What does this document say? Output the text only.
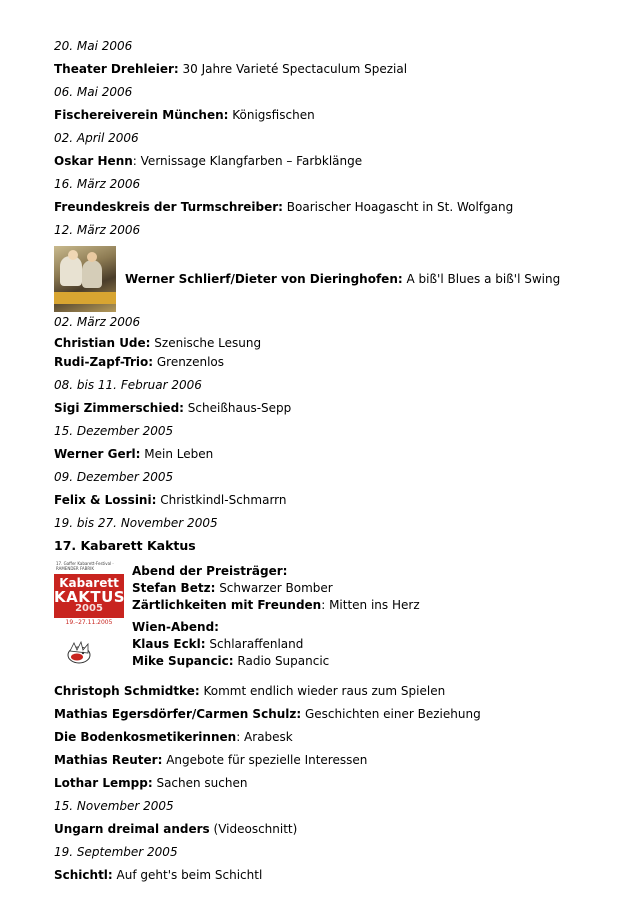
20. Mai 2006
Theater Drehleier: 30 Jahre Varieté Spectaculum Spezial
06. Mai 2006
Fischereiverein München: Königsfischen
02. April 2006
Oskar Henn: Vernissage Klangfarben – Farbklänge
16. März 2006
Freundeskreis der Turmschreiber: Boarischer Hoagascht in St. Wolfgang
12. März 2006
Werner Schlierf/Dieter von Dieringhofen: A biß'l Blues a biß'l Swing
02. März 2006
Christian Ude: Szenische Lesung
Rudi-Zapf-Trio: Grenzenlos
08. bis 11. Februar 2006
Sigi Zimmerschied: Scheißhaus-Sepp
15. Dezember 2005
Werner Gerl: Mein Leben
09. Dezember 2005
Felix & Lossini: Christkindl-Schmarrn
19. bis 27. November 2005
17. Kabarett Kaktus
17. Gaffer Kabarett-Festival · RAMENDER FABRIK
Kabarett
KAKTUS
2005
19.–27.11.2005
Abend der Preisträger:
Stefan Betz: Schwarzer Bomber
Zärtlichkeiten mit Freunden: Mitten ins Herz
Wien-Abend:
Klaus Eckl: Schlaraffenland
Mike Supancic: Radio Supancic
Christoph Schmidtke: Kommt endlich wieder raus zum Spielen
Mathias Egersdörfer/Carmen Schulz: Geschichten einer Beziehung
Die Bodenkosmetikerinnen: Arabesk
Mathias Reuter: Angebote für spezielle Interessen
Lothar Lempp: Sachen suchen
15. November 2005
Ungarn dreimal anders (Videoschnitt)
19. September 2005
Schichtl: Auf geht's beim Schichtl
